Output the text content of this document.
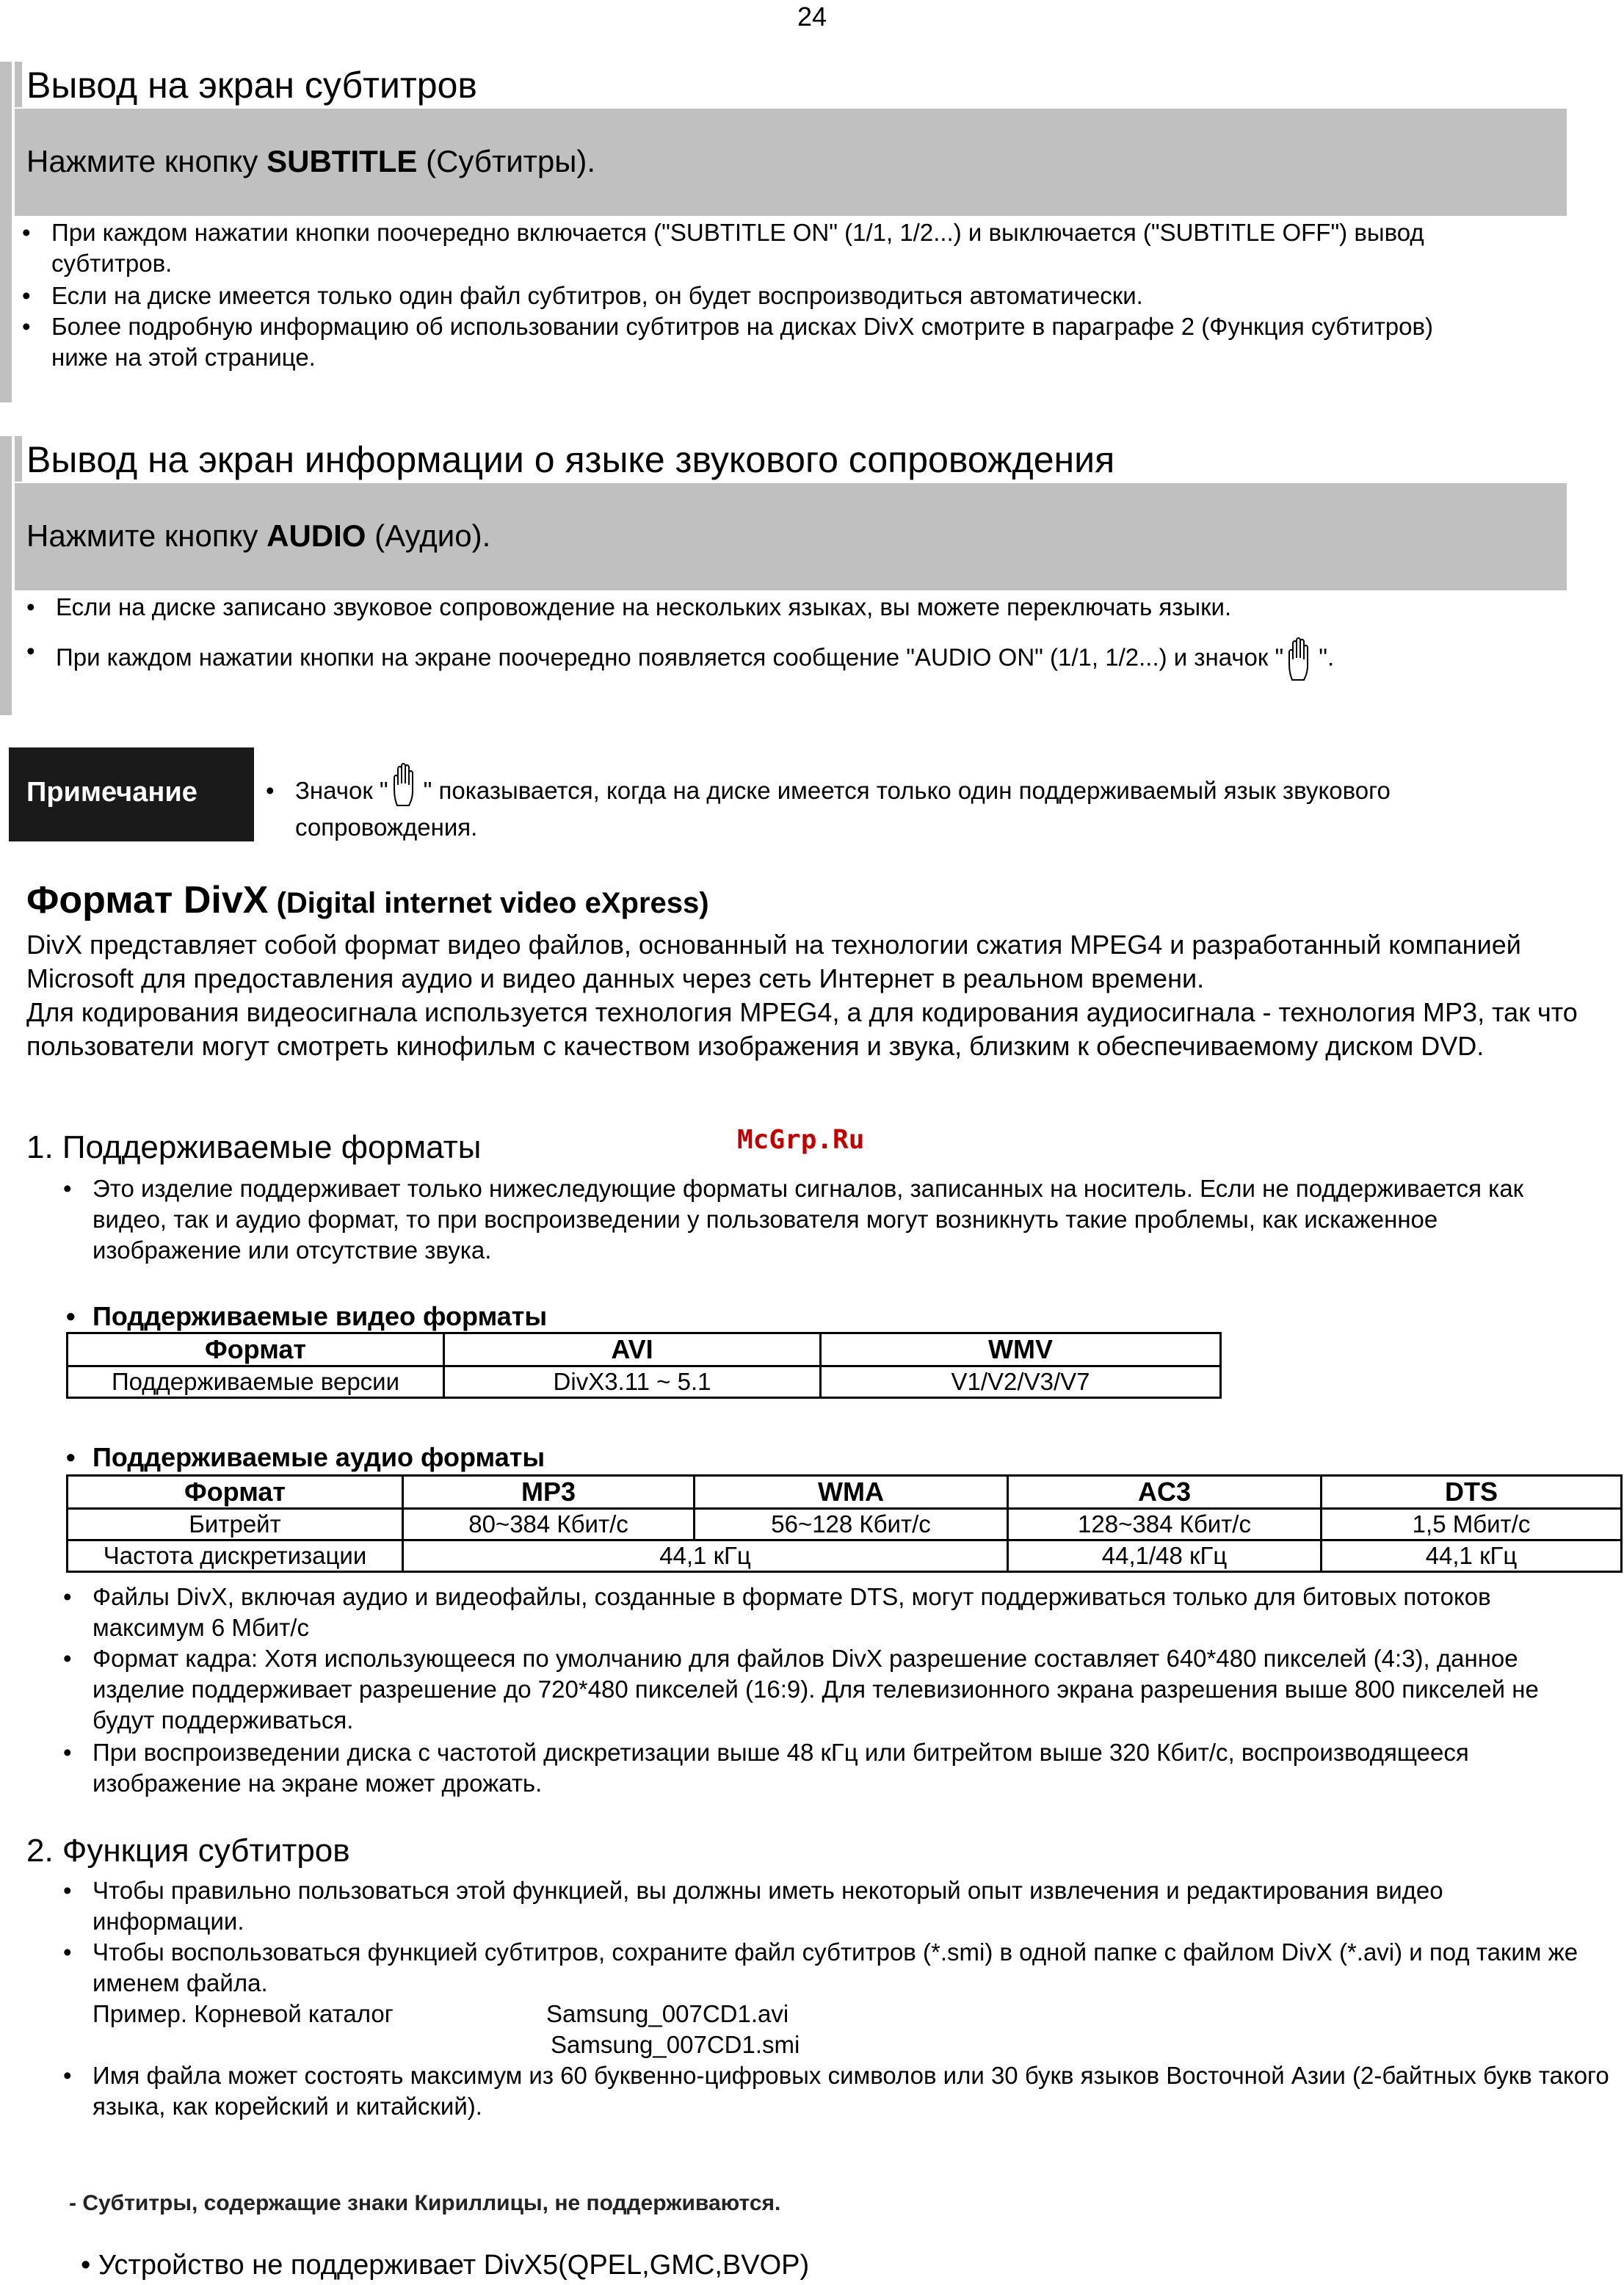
24
Вывод на экран субтитров
Нажмите кнопку SUBTITLE (Субтитры).
• При каждом нажатии кнопки поочередно включается ("SUBTITLE ON" (1/1, 1/2...) и выключается ("SUBTITLE OFF") вывод субтитров.
• Если на диске имеется только один файл субтитров, он будет воспроизводиться автоматически.
• Более подробную информацию об использовании субтитров на дисках DivX смотрите в параграфе 2 (Функция субтитров) ниже на этой странице.
Вывод на экран информации о языке звукового сопровождения
Нажмите кнопку AUDIO (Аудио).
• Если на диске записано звуковое сопровождение на нескольких языках, вы можете переключать языки.
• При каждом нажатии кнопки на экране поочередно появляется сообщение "AUDIO ON" (1/1, 1/2...) и значок " ".
Примечание	• Значок " " показывается, когда на диске имеется только один поддерживаемый язык звукового сопровождения.
Формат DivX (Digital internet video eXpress)
DivX представляет собой формат видео файлов, основанный на технологии сжатия MPEG4 и разработанный компанией Microsoft для предоставления аудио и видео данных через сеть Интернет в реальном времени.
Для кодирования видеосигнала используется технология MPEG4, а для кодирования аудиосигнала - технология MP3, так что пользователи могут смотреть кинофильм с качеством изображения и звука, близким к обеспечиваемому диском DVD.
1. Поддерживаемые форматы	McGrp.Ru
• Это изделие поддерживает только нижеследующие форматы сигналов, записанных на носитель. Если не поддерживается как видео, так и аудио формат, то при воспроизведении у пользователя могут возникнуть такие проблемы, как искаженное изображение или отсутствие звука.
• Поддерживаемые видео форматы
Формат	AVI	WMV
Поддерживаемые версии	DivX3.11 ~ 5.1	V1/V2/V3/V7
• Поддерживаемые аудио форматы
Формат	MP3	WMA	AC3	DTS
Битрейт	80~384 Кбит/с	56~128 Кбит/с	128~384 Кбит/с	1,5 Мбит/с
Частота дискретизации	44,1 кГц		44,1/48 кГц	44,1 кГц
• Файлы DivX, включая аудио и видеофайлы, созданные в формате DTS, могут поддерживаться только для битовых потоков максимум 6 Мбит/с
• Формат кадра: Хотя использующееся по умолчанию для файлов DivX разрешение составляет 640*480 пикселей (4:3), данное изделие поддерживает разрешение до 720*480 пикселей (16:9). Для телевизионного экрана разрешения выше 800 пикселей не будут поддерживаться.
• При воспроизведении диска с частотой дискретизации выше 48 кГц или битрейтом выше 320 Кбит/с, воспроизводящееся изображение на экране может дрожать.
2. Функция субтитров
• Чтобы правильно пользоваться этой функцией, вы должны иметь некоторый опыт извлечения и редактирования видео информации.
• Чтобы воспользоваться функцией субтитров, сохраните файл субтитров (*.smi) в одной папке с файлом DivX (*.avi) и под таким же именем файла.
Пример. Корневой каталог	Samsung_007CD1.avi
Samsung_007CD1.smi
• Имя файла может состоять максимум из 60 буквенно-цифровых символов или 30 букв языков Восточной Азии (2-байтных букв такого языка, как корейский и китайский).
- Субтитры, содержащие знаки Кириллицы, не поддерживаются.
• Устройство не поддерживает DivX5(QPEL,GMC,BVOP)
